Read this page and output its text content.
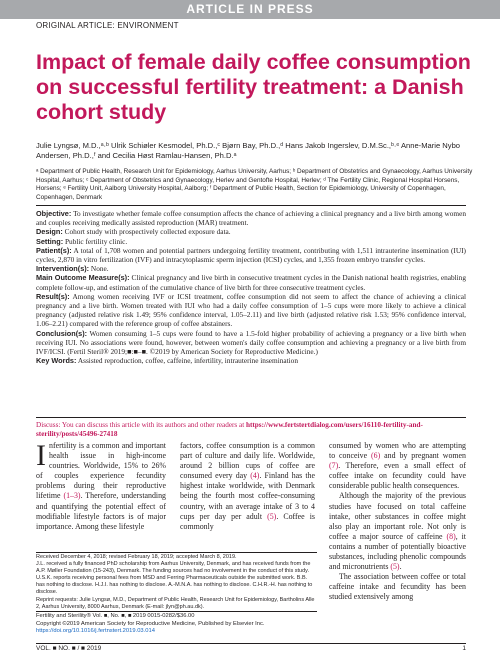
ARTICLE IN PRESS
ORIGINAL ARTICLE: ENVIRONMENT
Impact of female daily coffee consumption on successful fertility treatment: a Danish cohort study
Julie Lyngsø, M.D.,ᵃ·ᵇ Ulrik Schiøler Kesmodel, Ph.D.,ᶜ Bjørn Bay, Ph.D.,ᵈ Hans Jakob Ingerslev, D.M.Sc.,ᵇ·ᵉ Anne-Marie Nybo Andersen, Ph.D.,ᶠ and Cecilia Høst Ramlau-Hansen, Ph.D.ᵃ
ᵃ Department of Public Health, Research Unit for Epidemiology, Aarhus University, Aarhus; ᵇ Department of Obstetrics and Gynaecology, Aarhus University Hospital, Aarhus; ᶜ Department of Obstetrics and Gynaecology, Herlev and Gentofte Hospital, Herlev; ᵈ The Fertility Clinic, Regional Hospital Horsens, Horsens; ᵉ Fertility Unit, Aalborg University Hospital, Aalborg; ᶠ Department of Public Health, Section for Epidemiology, University of Copenhagen, Copenhagen, Denmark

Objective: To investigate whether female coffee consumption affects the chance of achieving a clinical pregnancy and a live birth among women and couples receiving medically assisted reproduction (MAR) treatment.

Design: Cohort study with prospectively collected exposure data.

Setting: Public fertility clinic.

Patient(s): A total of 1,708 women and potential partners undergoing fertility treatment, contributing with 1,511 intrauterine insemination (IUI) cycles, 2,870 in vitro fertilization (IVF) and intracytoplasmic sperm injection (ICSI) cycles, and 1,355 frozen embryo transfer cycles.

Intervention(s): None.

Main Outcome Measure(s): Clinical pregnancy and live birth in consecutive treatment cycles in the Danish national health registries, enabling complete follow-up, and estimation of the cumulative chance of live birth for three consecutive treatment cycles.

Result(s): Among women receiving IVF or ICSI treatment, coffee consumption did not seem to affect the chance of achieving a clinical pregnancy and a live birth. Women treated with IUI who had a daily coffee consumption of 1–5 cups were more likely to achieve a clinical pregnancy (adjusted relative risk 1.49; 95% confidence interval, 1.05–2.11) and live birth (adjusted relative risk 1.53; 95% confidence interval, 1.06–2.21) compared with the reference group of coffee abstainers.

Conclusion(s): Women consuming 1–5 cups were found to have a 1.5-fold higher probability of achieving a pregnancy or a live birth when receiving IUI. No associations were found, however, between women's daily coffee consumption and achieving a pregnancy or a live birth from IVF/ICSI. (Fertil Steril® 2019;■:■–■. ©2019 by American Society for Reproductive Medicine.)

Key Words: Assisted reproduction, coffee, caffeine, infertility, intrauterine insemination

Discuss: You can discuss this article with its authors and other readers at https://www.fertstertdialog.com/users/16110-fertility-and-sterility/posts/45496-27418

Infertility is a common and important health issue in high-income countries. Worldwide, 15% to 26% of couples experience fecundity problems during their reproductive lifetime (1–3). Therefore, understanding and quantifying the potential effect of modifiable lifestyle factors is of major importance. Among these lifestyle

factors, coffee consumption is a common part of culture and daily life. Worldwide, around 2 billion cups of coffee are consumed every day (4). Finland has the highest intake worldwide, with Denmark being the fourth most coffee-consuming country, with an average intake of 3 to 4 cups per day per adult (5). Coffee is commonly

consumed by women who are attempting to conceive (6) and by pregnant women (7). Therefore, even a small effect of coffee intake on fecundity could have considerable public health consequences.

Although the majority of the previous studies have focused on total caffeine intake, other substances in coffee might also play an important role. Not only is coffee a major source of caffeine (8), it contains a number of potentially bioactive substances, including phenolic compounds and micronutrients (5).

The association between coffee or total caffeine intake and fecundity has been studied extensively among

Received December 4, 2018; revised February 18, 2019; accepted March 8, 2019.

J.L. received a fully financed PhD scholarship from Aarhus University, Denmark, and has received funds from the A.P. Møller Foundation (15-243), Denmark. The funding sources had no involvement in the conduct of this study. U.S.K. reports receiving personal fees from MSD and Ferring Pharmaceuticals outside the submitted work. B.B. has nothing to disclose. H.J.I. has nothing to disclose. A.-M.N.A. has nothing to disclose. C.H.R.-H. has nothing to disclose.

Reprint requests: Julie Lyngsø, M.D., Department of Public Health, Research Unit for Epidemiology, Bartholins Alle 2, Aarhus University, 8000 Aarhus, Denmark (E-mail: jlyn@ph.au.dk).

Fertility and Sterility® Vol. ■, No. ■, ■ 2019 0015-0282/$36.00

Copyright ©2019 American Society for Reproductive Medicine, Published by Elsevier Inc.

https://doi.org/10.1016/j.fertnstert.2019.03.014

VOL. ■ NO. ■ / ■ 2019	1
